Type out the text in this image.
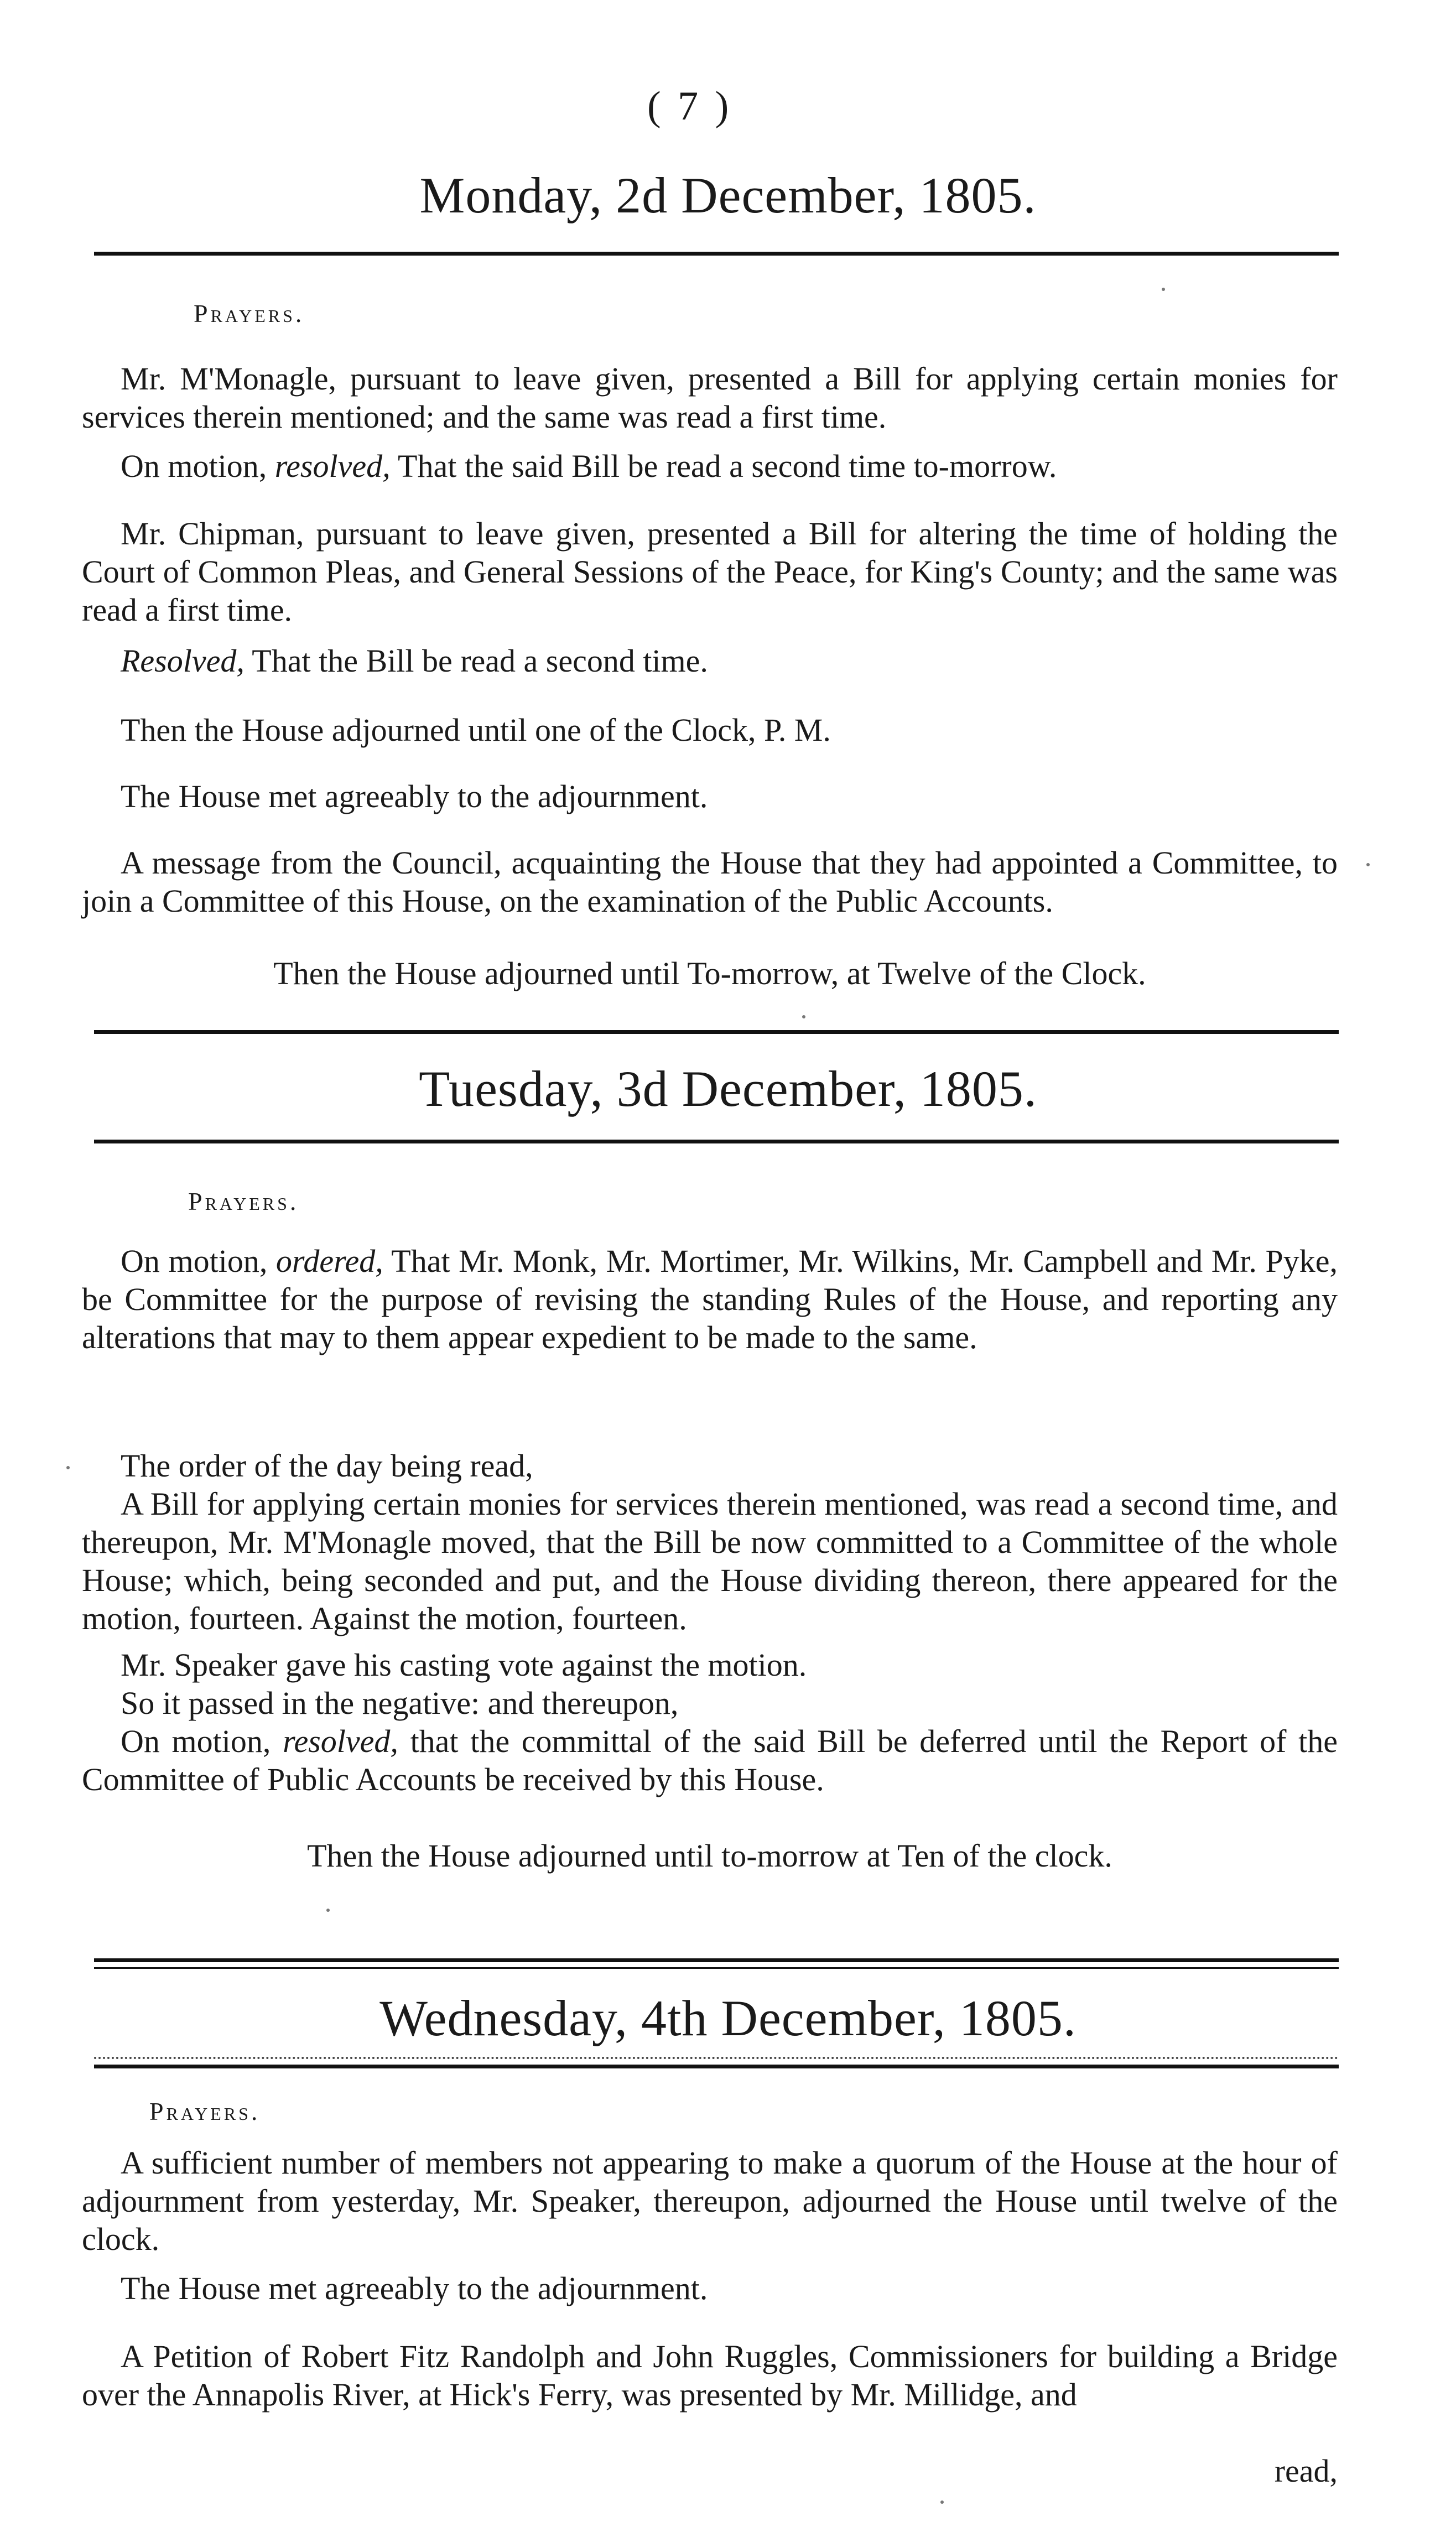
( 7 )
Monday, 2d December, 1805.
Prayers.
Mr. M'Monagle, pursuant to leave given, presented a Bill for applying certain monies for services therein mentioned; and the same was read a first time.
On motion, resolved, That the said Bill be read a second time to-morrow.
Mr. Chipman, pursuant to leave given, presented a Bill for altering the time of holding the Court of Common Pleas, and General Sessions of the Peace, for King's County; and the same was read a first time.
Resolved, That the Bill be read a second time.
Then the House adjourned until one of the Clock, P. M.
The House met agreeably to the adjournment.
A message from the Council, acquainting the House that they had appointed a Committee, to join a Committee of this House, on the examination of the Public Accounts.
Then the House adjourned until To-morrow, at Twelve of the Clock.
Tuesday, 3d December, 1805.
Prayers.
On motion, ordered, That Mr. Monk, Mr. Mortimer, Mr. Wilkins, Mr. Campbell and Mr. Pyke, be Committee for the purpose of revising the standing Rules of the House, and reporting any alterations that may to them appear expedient to be made to the same.
The order of the day being read,
A Bill for applying certain monies for services therein mentioned, was read a second time, and thereupon, Mr. M'Monagle moved, that the Bill be now committed to a Committee of the whole House; which, being seconded and put, and the House dividing thereon, there appeared for the motion, fourteen. Against the motion, fourteen.
Mr. Speaker gave his casting vote against the motion.
So it passed in the negative: and thereupon,
On motion, resolved, that the committal of the said Bill be deferred until the Report of the Committee of Public Accounts be received by this House.
Then the House adjourned until to-morrow at Ten of the clock.
Wednesday, 4th December, 1805.
Prayers.
A sufficient number of members not appearing to make a quorum of the House at the hour of adjournment from yesterday, Mr. Speaker, thereupon, adjourned the House until twelve of the clock.
The House met agreeably to the adjournment.
A Petition of Robert Fitz Randolph and John Ruggles, Commissioners for building a Bridge over the Annapolis River, at Hick's Ferry, was presented by Mr. Millidge, and
read,
